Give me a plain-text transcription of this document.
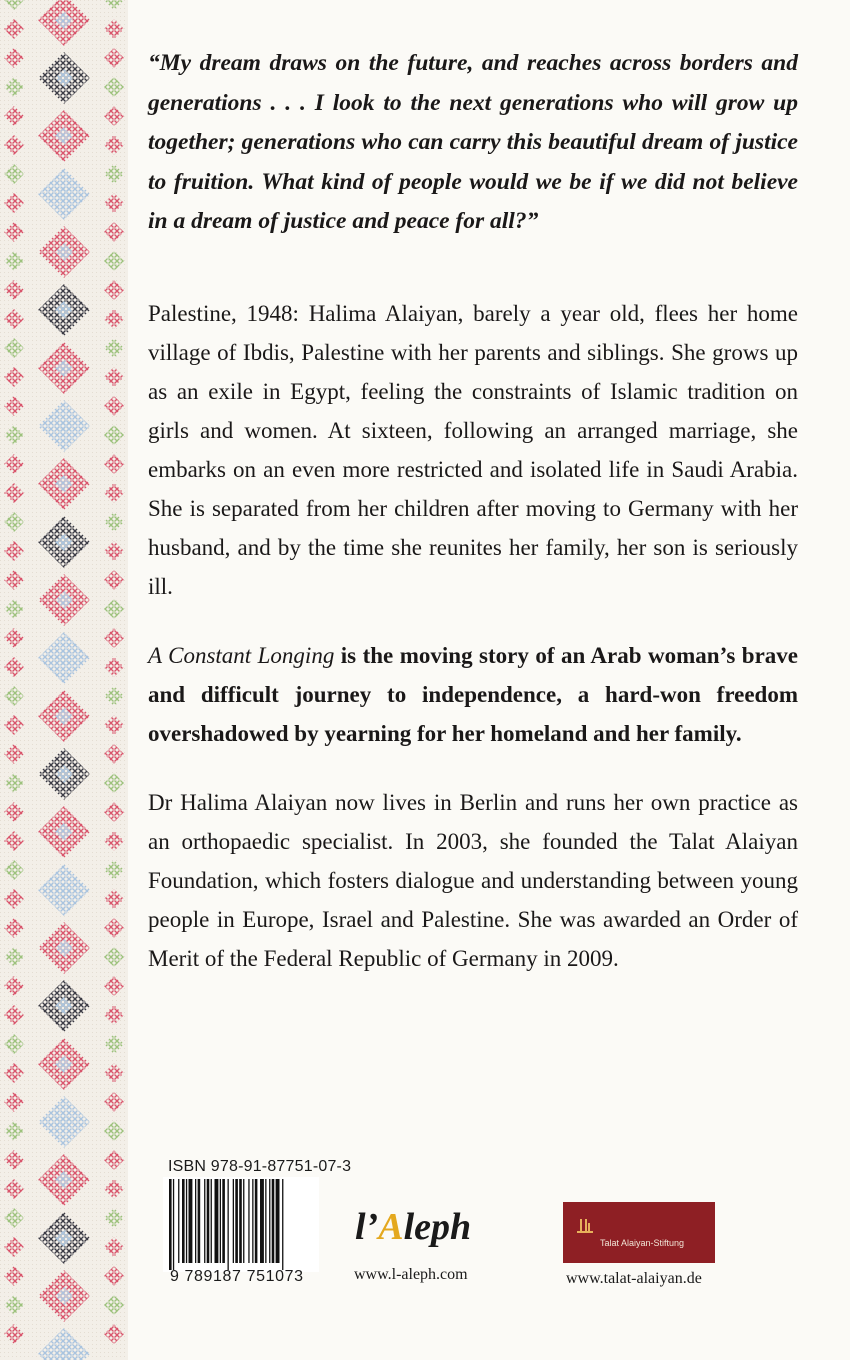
“My dream draws on the future, and reaches across borders and generations . . . I look to the next generations who will grow up together; generations who can carry this beautiful dream of justice to fruition. What kind of people would we be if we did not believe in a dream of justice and peace for all?”

Palestine, 1948: Halima Alaiyan, barely a year old, flees her home village of Ibdis, Palestine with her parents and siblings. She grows up as an exile in Egypt, feeling the constraints of Islamic tradition on girls and women. At sixteen, following an arranged marriage, she embarks on an even more restricted and isolated life in Saudi Arabia. She is separated from her children after moving to Germany with her husband, and by the time she reunites her family, her son is seriously ill.

A Constant Longing is the moving story of an Arab woman’s brave and difficult journey to independence, a hard-won freedom overshadowed by yearning for her homeland and her family.

Dr Halima Alaiyan now lives in Berlin and runs her own practice as an orthopaedic specialist. In 2003, she founded the Talat Alaiyan Foundation, which fosters dialogue and understanding between young people in Europe, Israel and Palestine. She was awarded an Order of Merit of the Federal Republic of Germany in 2009.

ISBN 978-91-87751-07-3
9 789187 751073
l’Aleph
www.l-aleph.com
Talat Alaiyan-Stiftung
www.talat-alaiyan.de
